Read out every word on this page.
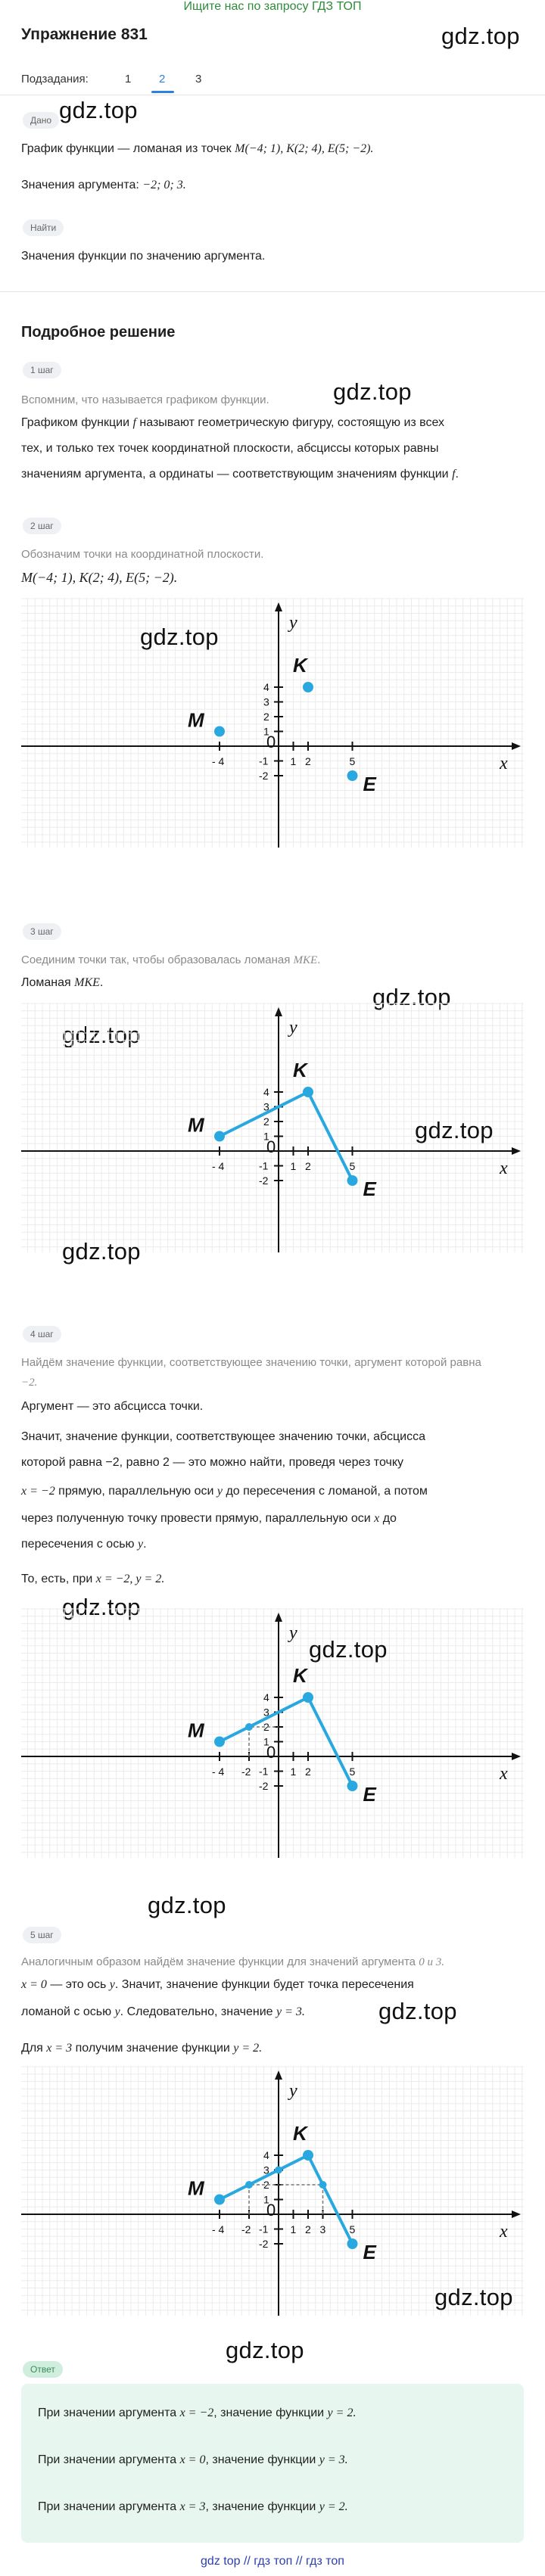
Ищите нас по запросу ГДЗ ТОП
Упражнение 831	gdz.top
Подзадания:	1 2	3
Дано gdz.top
График функции — ломаная из точек M(−4; 1), K(2; 4), E(5; −2).
Значения аргумента: −2; 0; 3.
Найти
Значения функции по значению аргумента.
Подробное решение
1 шаг
gdz.top
Вспомним, что называется графиком функции.
Графиком функции f называют геометрическую фигуру, состоящую из всех
тех, и только тех точек координатной плоскости, абсциссы которых равны
значениям аргумента, а ординаты — соответствующим значениям функции f.
2 шаг
Обозначим точки на координатной плоскости.
M(−4; 1), K(2; 4), E(5; −2).
x
y
- 4	1 2	5
0
4
3
2
1
-1
-2
M
K
E
gdz.top
3 шаг
Соединим точки так, чтобы образовалась ломаная MKE.
Ломаная MKE.
gdz.top
gdz.top
x
y
- 4	1 2	5
0
4
3
2
1
-1
-2
M
K
E
gdz.top
gdz.top
4 шаг
Найдём значение функции, соответствующее значению точки, аргумент которой равна
−2.
Аргумент — это абсцисса точки.
Значит, значение функции, соответствующее значению точки, абсцисса
которой равна −2, равно 2 — это можно найти, проведя через точку
x = −2 прямую, параллельную оси y до пересечения с ломаной, а потом
через полученную точку провести прямую, параллельную оси x до
пересечения с осью y.
То, есть, при x = −2, y = 2.
gdz.top
x
y
- 4 -2	1 2	5
0
4
3
2
1
-1
-2
M
K
E
gdz.top
gdz.top
5 шаг
Аналогичным образом найдём значение функции для значений аргумента 0 и 3.
x = 0 — это ось y. Значит, значение функции будет точка пересечения
ломаной с осью y. Следовательно, значение y = 3.	gdz.top
Для x = 3 получим значение функции y = 2.
x
y
- 4 -2	1 2 3 5
0
4
3
2
1
-1
-2
M
K
E
gdz.top
gdz.top
Ответ
При значении аргумента x = −2, значение функции y = 2.
При значении аргумента x = 0, значение функции y = 3.
При значении аргумента x = 3, значение функции y = 2.
gdz top // гдз топ // гдз топ
